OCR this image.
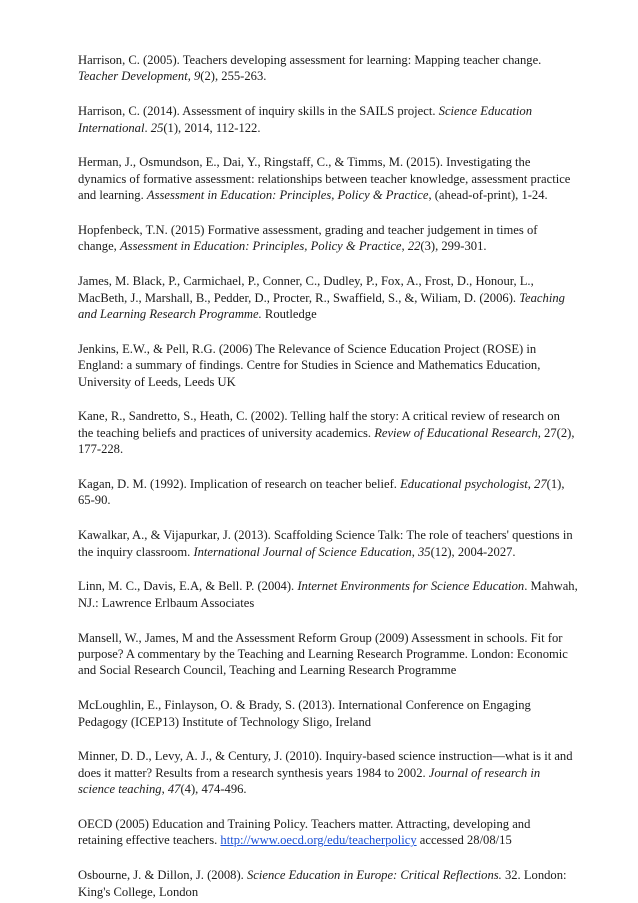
Harrison, C. (2005). Teachers developing assessment for learning: Mapping teacher change. Teacher Development, 9(2), 255-263.
Harrison, C. (2014). Assessment of inquiry skills in the SAILS project. Science Education International. 25(1), 2014, 112-122.
Herman, J., Osmundson, E., Dai, Y., Ringstaff, C., & Timms, M. (2015). Investigating the dynamics of formative assessment: relationships between teacher knowledge, assessment practice and learning. Assessment in Education: Principles, Policy & Practice, (ahead-of-print), 1-24.
Hopfenbeck, T.N. (2015) Formative assessment, grading and teacher judgement in times of change, Assessment in Education: Principles, Policy & Practice, 22(3), 299-301.
James, M. Black, P., Carmichael, P., Conner, C., Dudley, P., Fox, A., Frost, D., Honour, L., MacBeth, J., Marshall, B., Pedder, D., Procter, R., Swaffield, S., &, Wiliam, D. (2006). Teaching and Learning Research Programme. Routledge
Jenkins, E.W., & Pell, R.G. (2006) The Relevance of Science Education Project (ROSE) in England: a summary of findings. Centre for Studies in Science and Mathematics Education, University of Leeds, Leeds UK
Kane, R., Sandretto, S., Heath, C. (2002). Telling half the story: A critical review of research on the teaching beliefs and practices of university academics. Review of Educational Research, 27(2), 177-228.
Kagan, D. M. (1992). Implication of research on teacher belief. Educational psychologist, 27(1), 65-90.
Kawalkar, A., & Vijapurkar, J. (2013). Scaffolding Science Talk: The role of teachers' questions in the inquiry classroom. International Journal of Science Education, 35(12), 2004-2027.
Linn, M. C., Davis, E.A, & Bell. P. (2004). Internet Environments for Science Education. Mahwah, NJ.: Lawrence Erlbaum Associates
Mansell, W., James, M and the Assessment Reform Group (2009) Assessment in schools. Fit for purpose? A commentary by the Teaching and Learning Research Programme. London: Economic and Social Research Council, Teaching and Learning Research Programme
McLoughlin, E., Finlayson, O. & Brady, S. (2013). International Conference on Engaging Pedagogy (ICEP13) Institute of Technology Sligo, Ireland
Minner, D. D., Levy, A. J., & Century, J. (2010). Inquiry-based science instruction—what is it and does it matter? Results from a research synthesis years 1984 to 2002. Journal of research in science teaching, 47(4), 474-496.
OECD (2005) Education and Training Policy. Teachers matter. Attracting, developing and retaining effective teachers. http://www.oecd.org/edu/teacherpolicy accessed 28/08/15
Osbourne, J. & Dillon, J. (2008). Science Education in Europe: Critical Reflections. 32. London: King's College, London
